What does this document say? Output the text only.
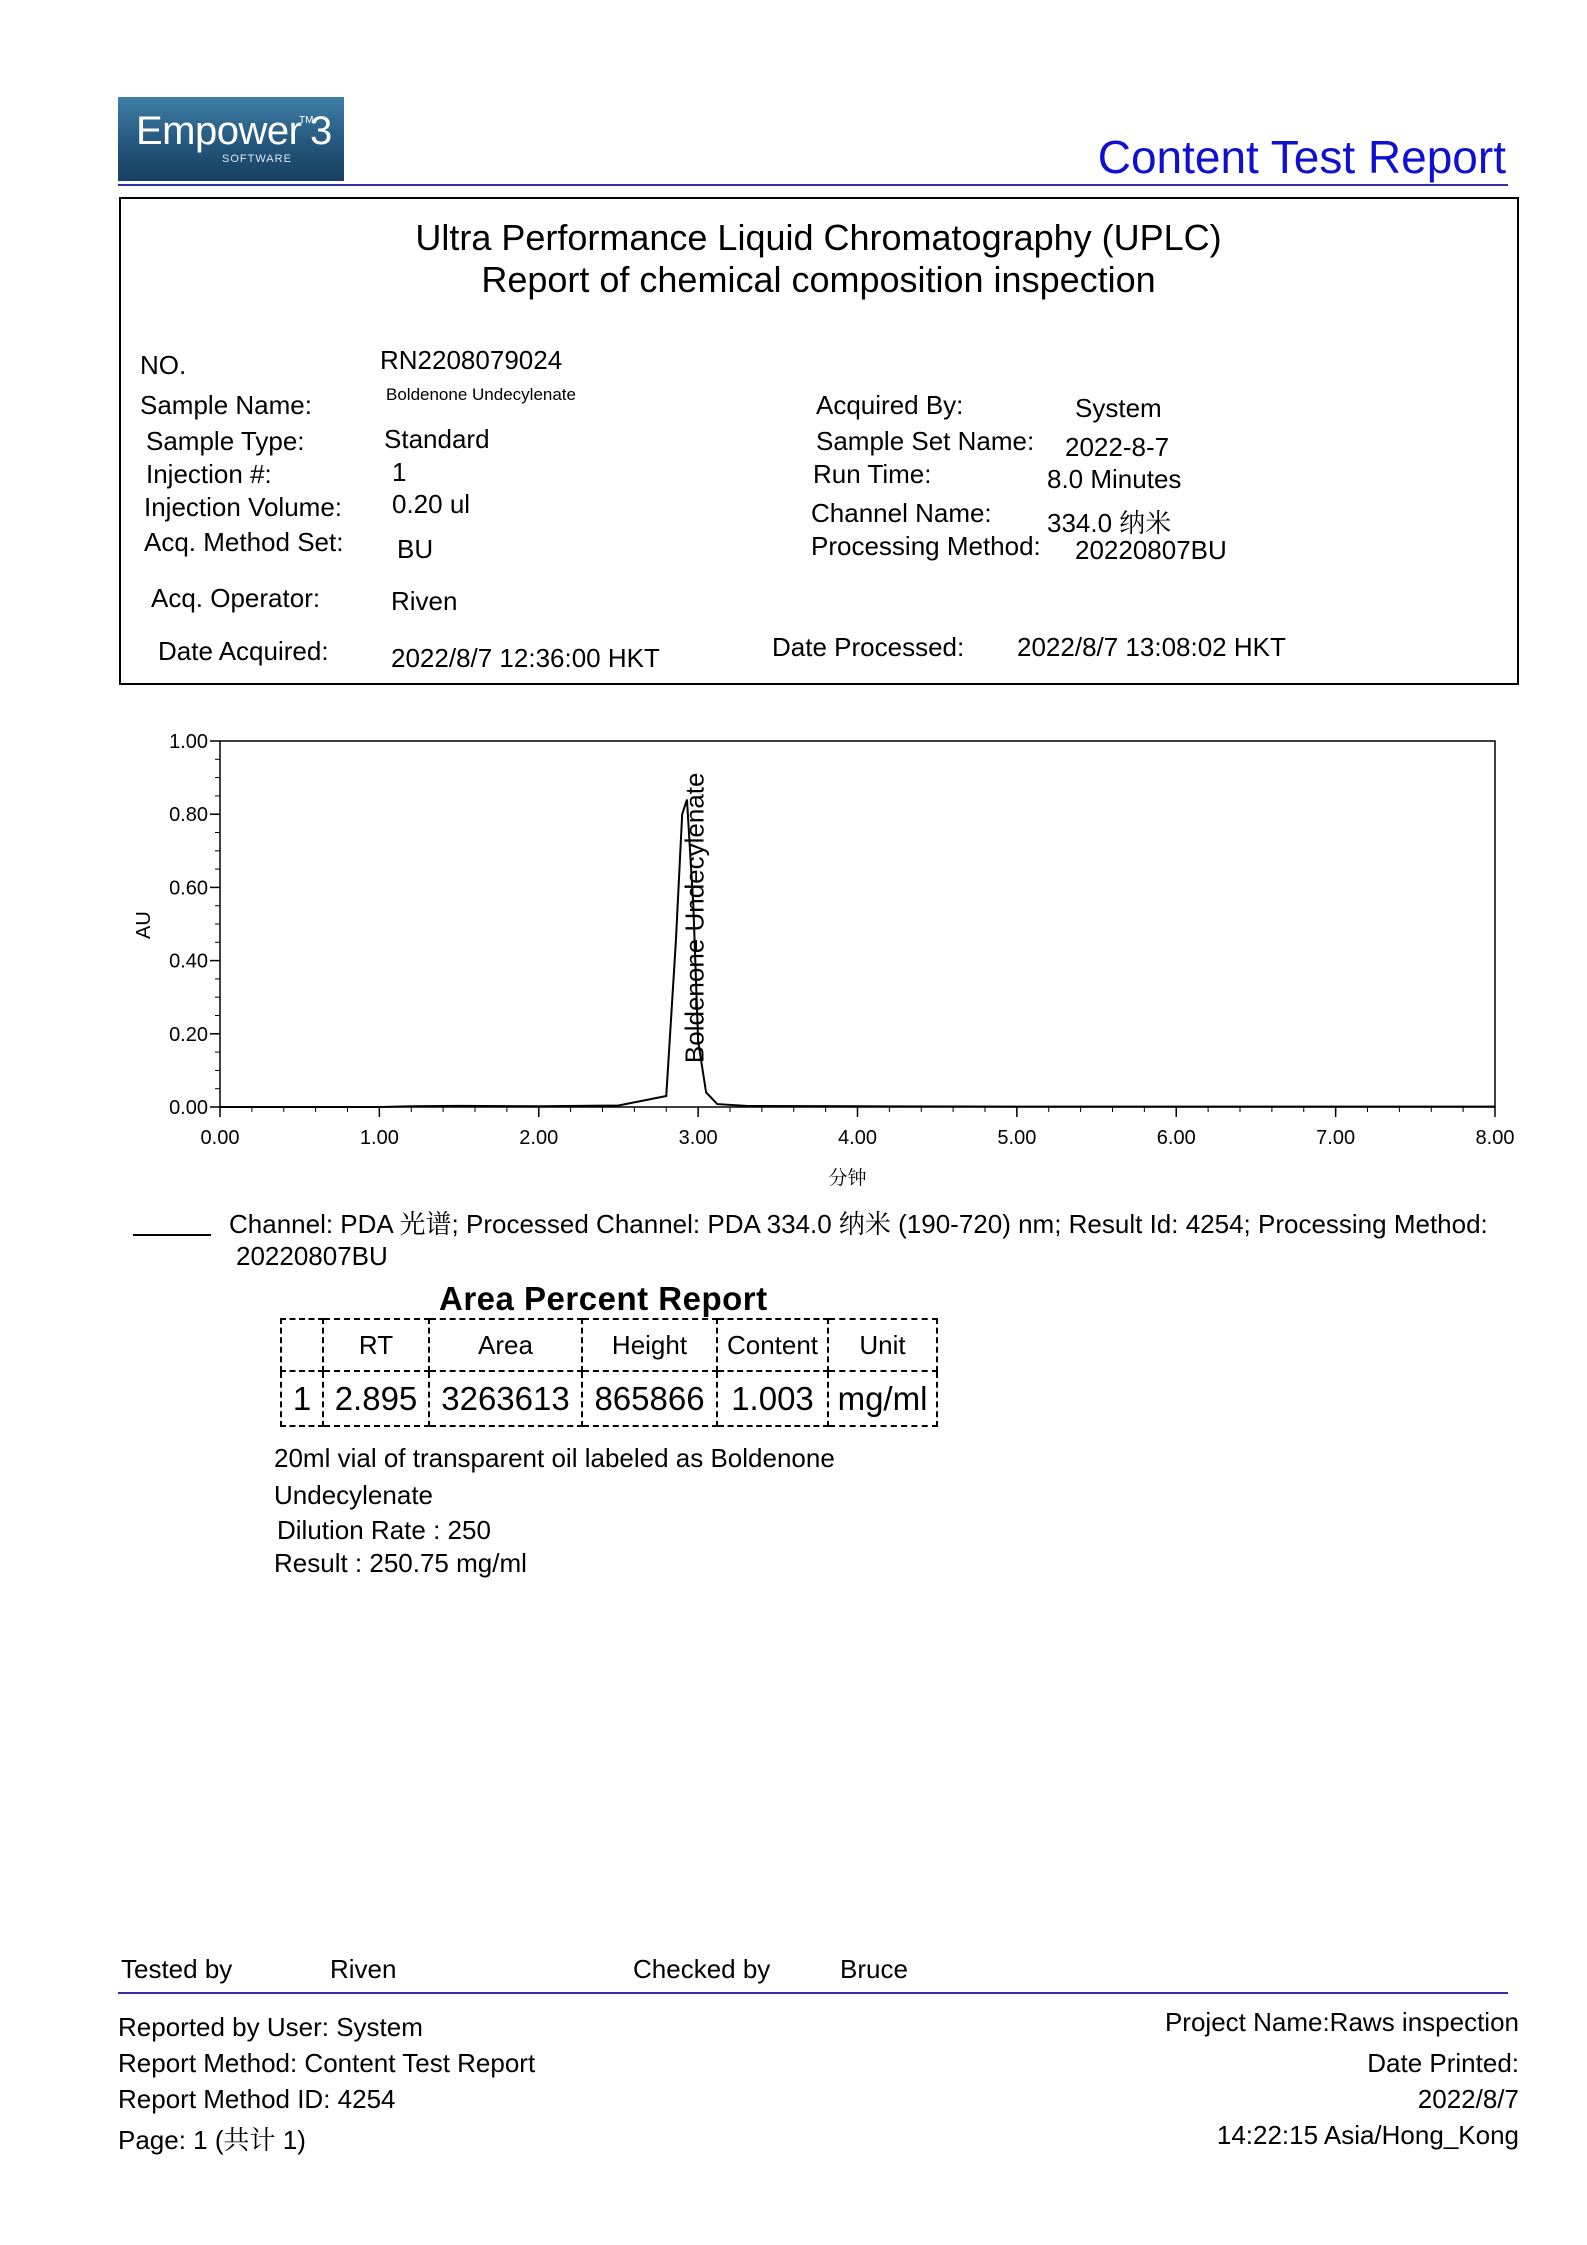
Empower
TM
3
SOFTWARE	Content Test Report
Ultra Performance Liquid Chromatography (UPLC)
Report of chemical composition inspection
NO.	RN2208079024
Sample Name:	Boldenone Undecylenate
Sample Type:	Standard
Injection #:	1
Injection Volume: 0.20 ul
Acq. Method Set: BU
Acq. Operator:	Riven
Date Acquired: 2022/8/7 12:36:00 HKT
Acquired By:	System
Sample Set Name: 2022-8-7
Run Time:	8.0 Minutes
Channel Name: 334.0 纳米
Processing Method: 20220807BU
Date Processed: 2022/8/7 13:08:02 HKT
0.00
0.20
0.40
0.60
0.80
1.00
0.00	1.00	2.00	3.00	4.00	5.00	6.00	7.00	8.00
Boldenone Undecylenate
AU
分钟
Channel: PDA 光谱; Processed Channel: PDA 334.0 纳米 (190-720) nm; Result Id: 4254; Processing Method:
20220807BU
Area Percent Report
	RT	Area	Height	Content	Unit
1	2.895	3263613	865866	1.003	mg/ml
20ml vial of transparent oil labeled as Boldenone
Undecylenate
Dilution Rate : 250
Result : 250.75 mg/ml
Tested by	Riven	Checked by	Bruce
Reported by User: System
Report Method: Content Test Report
Report Method ID: 4254
Page: 1 (共计 1)
Project Name:Raws inspection
Date Printed:
2022/8/7
14:22:15 Asia/Hong_Kong
